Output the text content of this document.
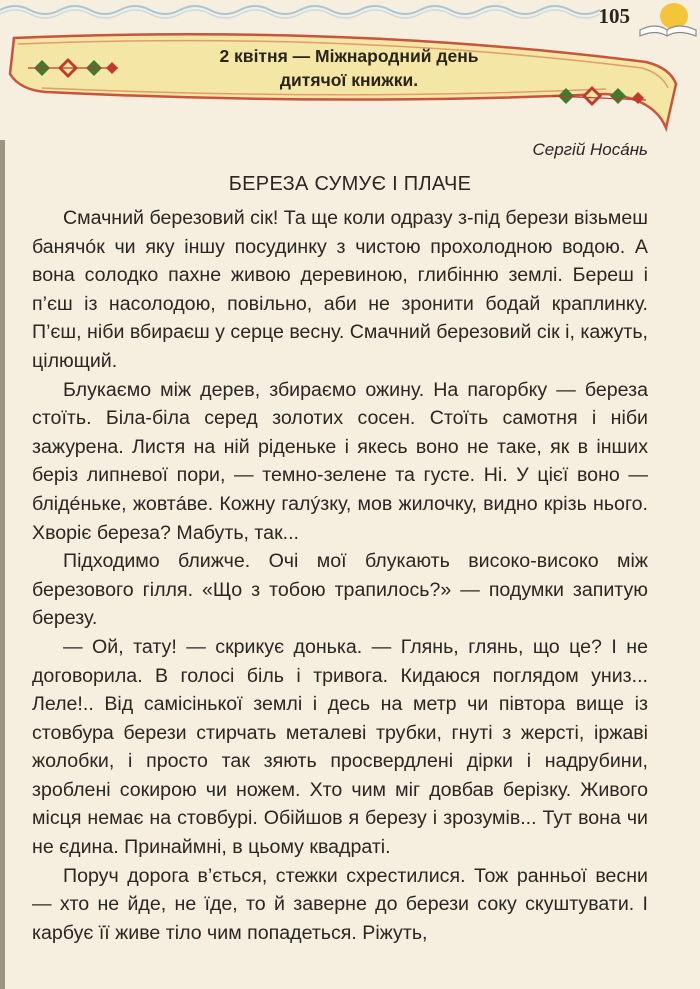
105
2 квітня — Міжнародний день
дитячої книжки.
Сергій Носáнь
БЕРЕЗА СУМУЄ І ПЛАЧЕ

Смачний березовий сік! Та ще коли одразу з-під берези візьмеш банячóк чи яку іншу посудинку з чистою прохолодною водою. А вона солодко пахне живою деревиною, глибінню землі. Береш і п’єш із насолодою, повільно, аби не зронити бодай краплинку. П’єш, ніби вбираєш у серце весну. Смачний березовий сік і, кажуть, цілющий.

Блукаємо між дерев, збираємо ожину. На пагорбку — береза стоїть. Біла-біла серед золотих сосен. Стоїть самотня і ніби зажурена. Листя на ній ріденьке і якесь воно не таке, як в інших беріз липневої пори, — темно-зелене та густе. Ні. У цієї воно — блідéньке, жовтáве. Кожну галýзку, мов жилочку, видно крізь нього. Хворіє береза? Мабуть, так...

Підходимо ближче. Очі мої блукають високо-високо між березового гілля. «Що з тобою трапилось?» — подумки запитую березу.

— Ой, тату! — скрикує донька. — Глянь, глянь, що це? І не договорила. В голосі біль і тривога. Кидаюся поглядом униз... Леле!.. Від самісінької землі і десь на метр чи півтора вище із стовбура берези стирчать металеві трубки, гнуті з жерсті, іржаві жолобки, і просто так зяють просвердлені дірки і надрубини, зроблені сокирою чи ножем. Хто чим міг довбав берізку. Живого місця немає на стовбурі. Обійшов я березу і зрозумів... Тут вона чи не єдина. Принаймні, в цьому квадраті.

Поруч дорога в’ється, стежки схрестилися. Тож ранньої весни — хто не йде, не їде, то й заверне до берези соку скуштувати. І карбує її живе тіло чим попадеться. Ріжуть,
